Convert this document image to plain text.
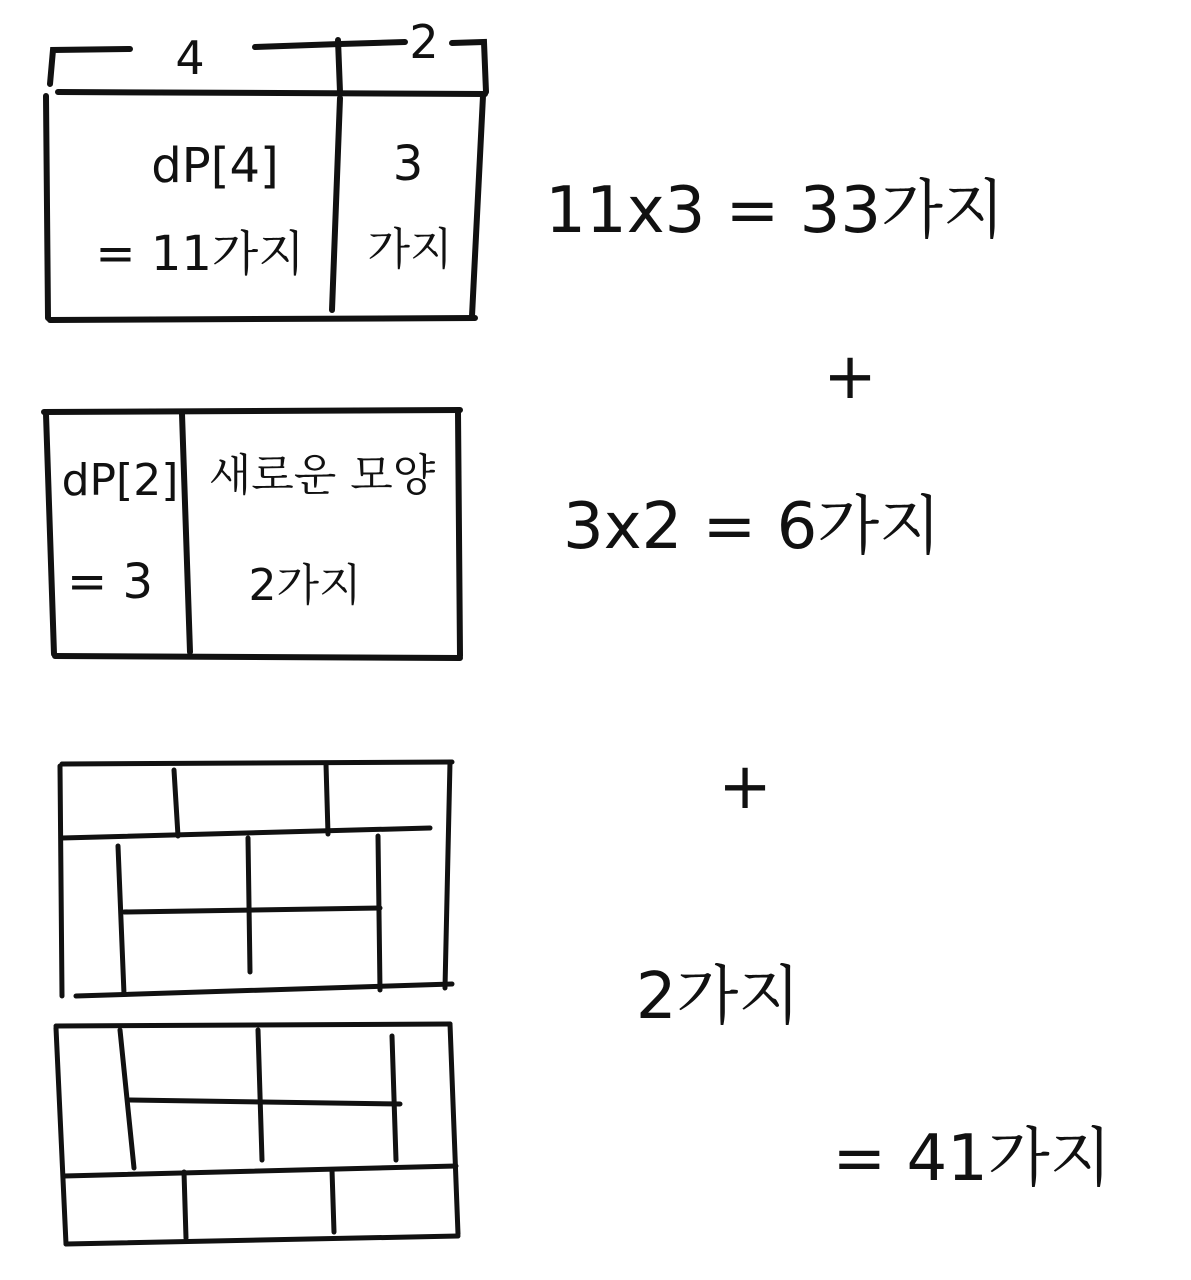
4	2
dP[4]
= 11가지
3
가지
dP[2]
= 3
새로운 모양
2가지
11x3 = 33가지
+
3x2 = 6가지
+
2가지
= 41가지
